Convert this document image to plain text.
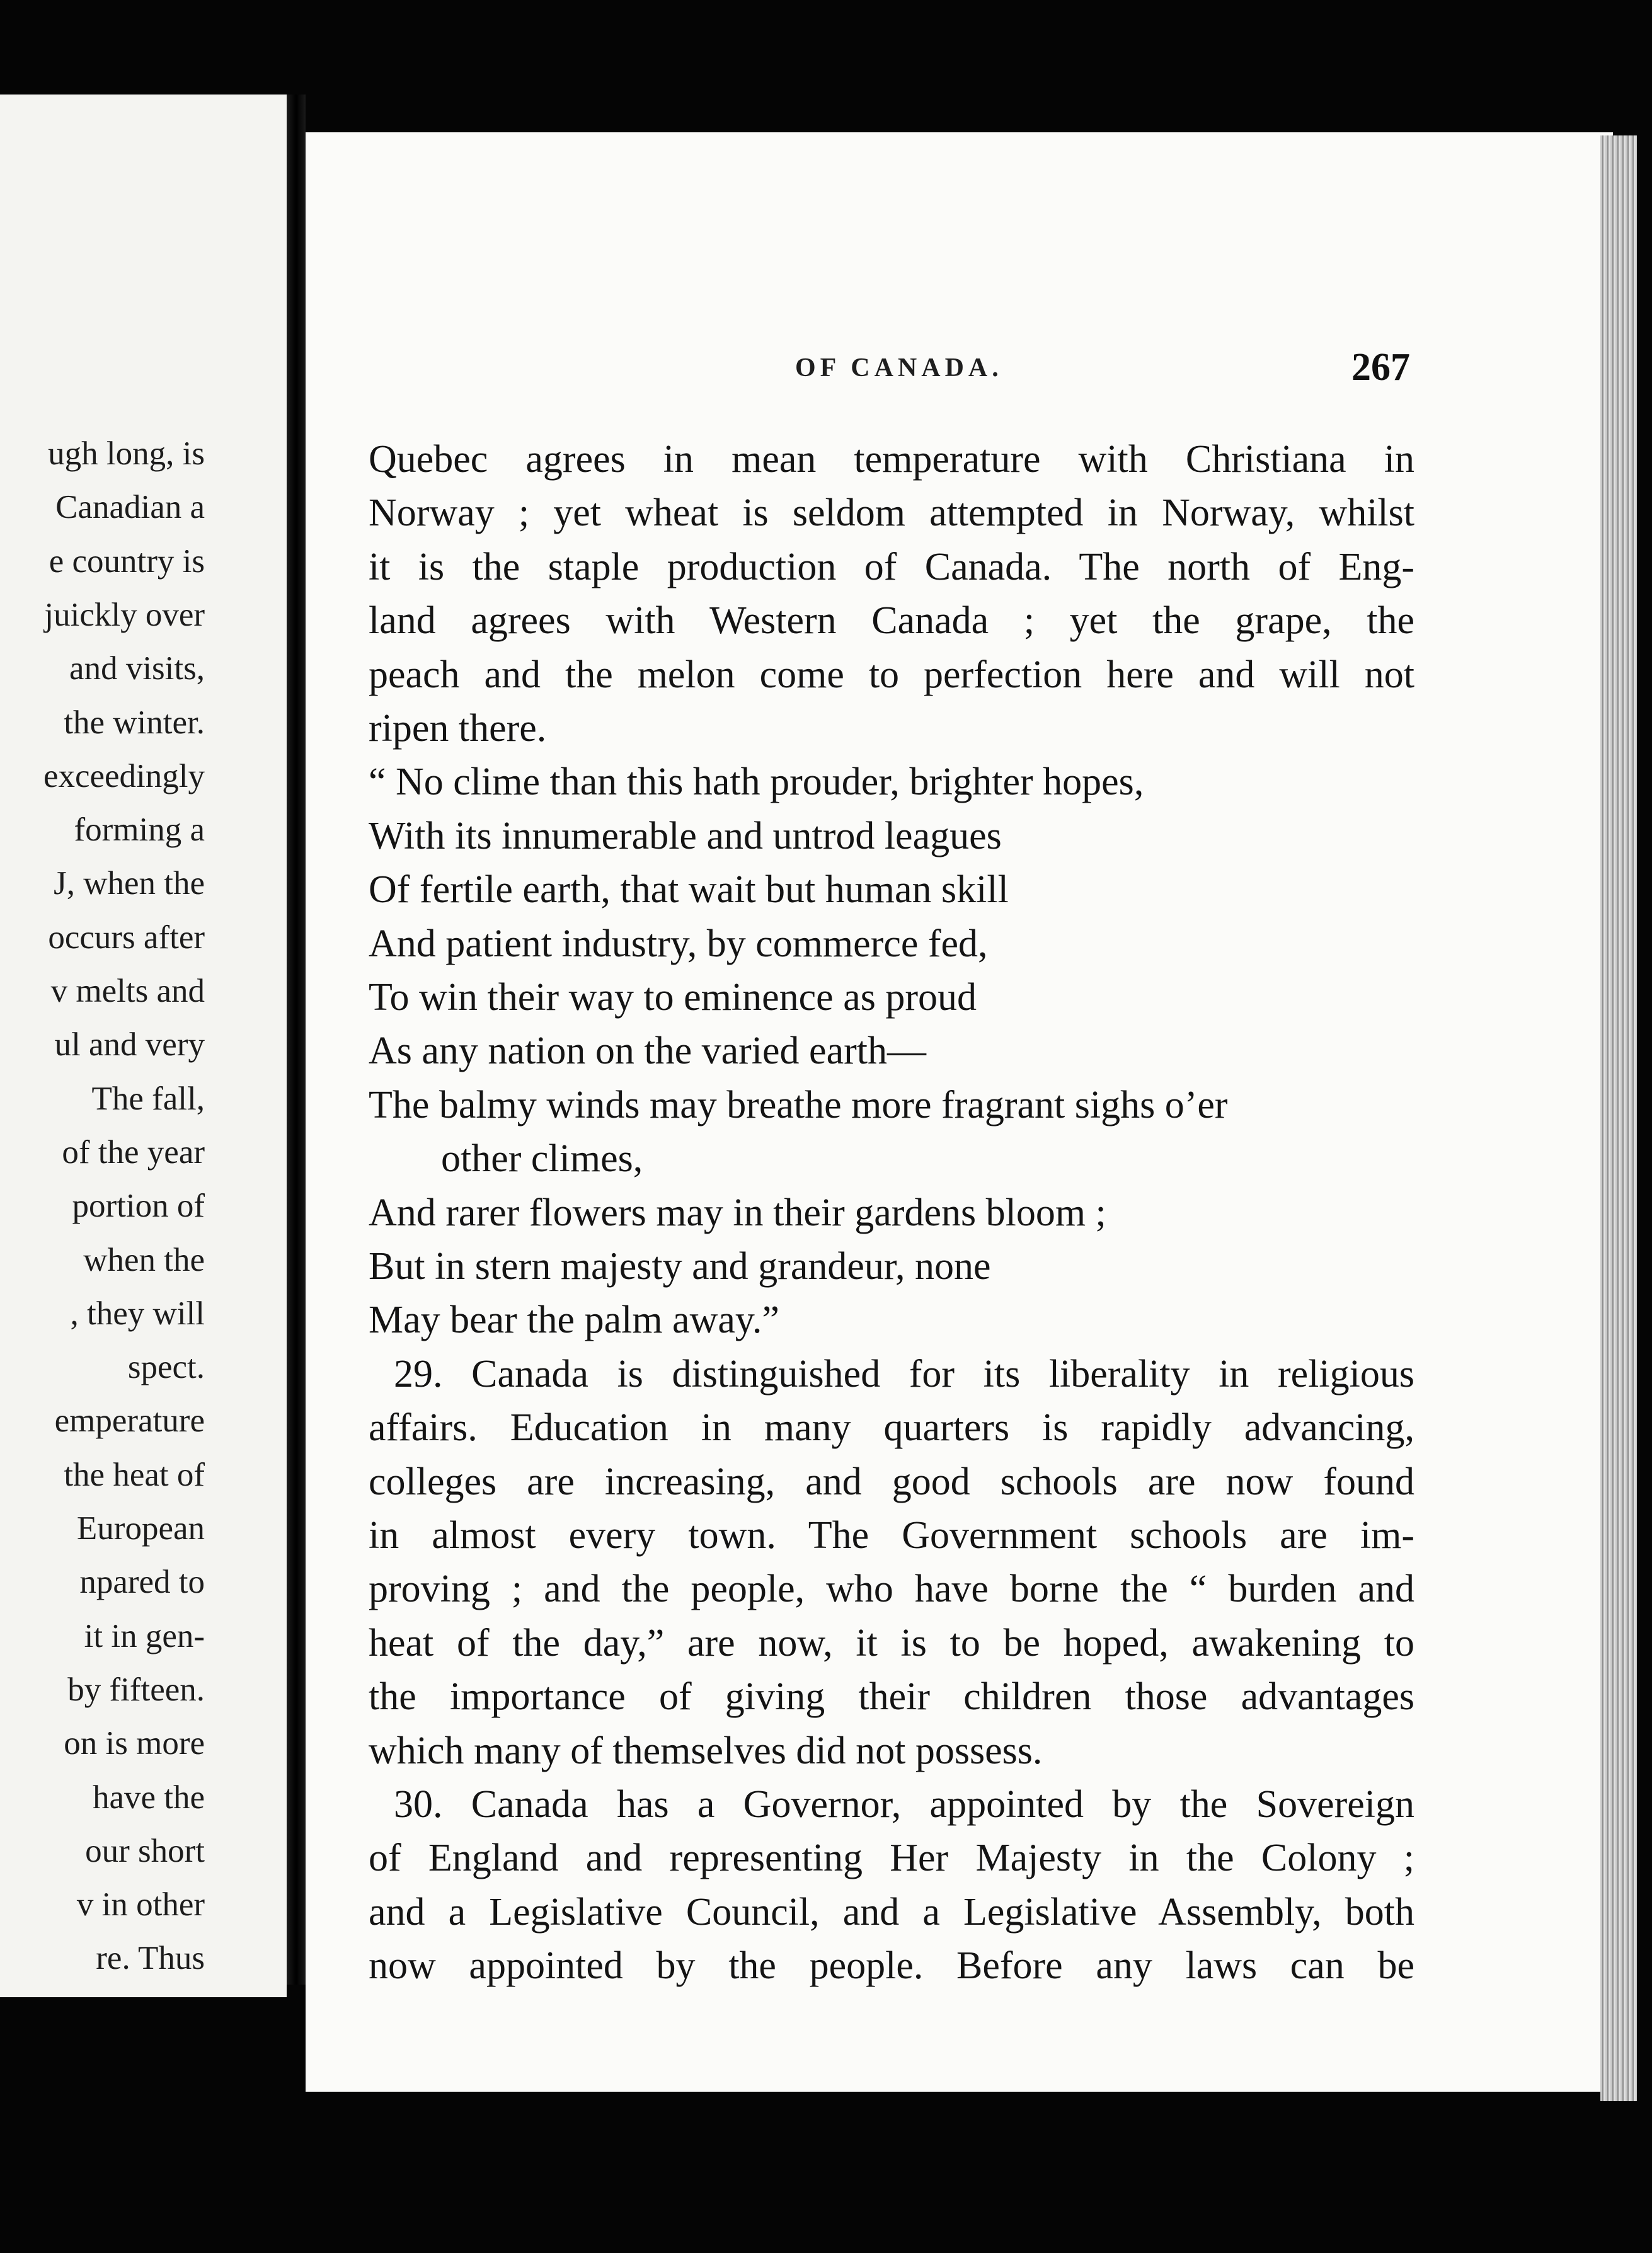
ugh long, is
Canadian a
e country is
juickly over
and visits,
the winter.
exceedingly
forming a
J, when the
occurs after
v melts and
ul and very
The fall,
of the year
portion of
when the
, they will
spect.
emperature
the heat of
European
npared to
it in gen-
by fifteen.
on is more
have the
our short
v in other
re. Thus
OF CANADA.	267
Quebec agrees in mean temperature with Christiana in
Norway ; yet wheat is seldom attempted in Norway, whilst
it is the staple production of Canada. The north of Eng-
land agrees with Western Canada ; yet the grape, the
peach and the melon come to perfection here and will not
ripen there.
“ No clime than this hath prouder, brighter hopes,
With its innumerable and untrod leagues
Of fertile earth, that wait but human skill
And patient industry, by commerce fed,
To win their way to eminence as proud
As any nation on the varied earth—
The balmy winds may breathe more fragrant sighs o’er
other climes,
And rarer flowers may in their gardens bloom ;
But in stern majesty and grandeur, none
May bear the palm away.”
29. Canada is distinguished for its liberality in religious
affairs. Education in many quarters is rapidly advancing,
colleges are increasing, and good schools are now found
in almost every town. The Government schools are im-
proving ; and the people, who have borne the “ burden and
heat of the day,” are now, it is to be hoped, awakening to
the importance of giving their children those advantages
which many of themselves did not possess.
30. Canada has a Governor, appointed by the Sovereign
of England and representing Her Majesty in the Colony ;
and a Legislative Council, and a Legislative Assembly, both
now appointed by the people. Before any laws can be
